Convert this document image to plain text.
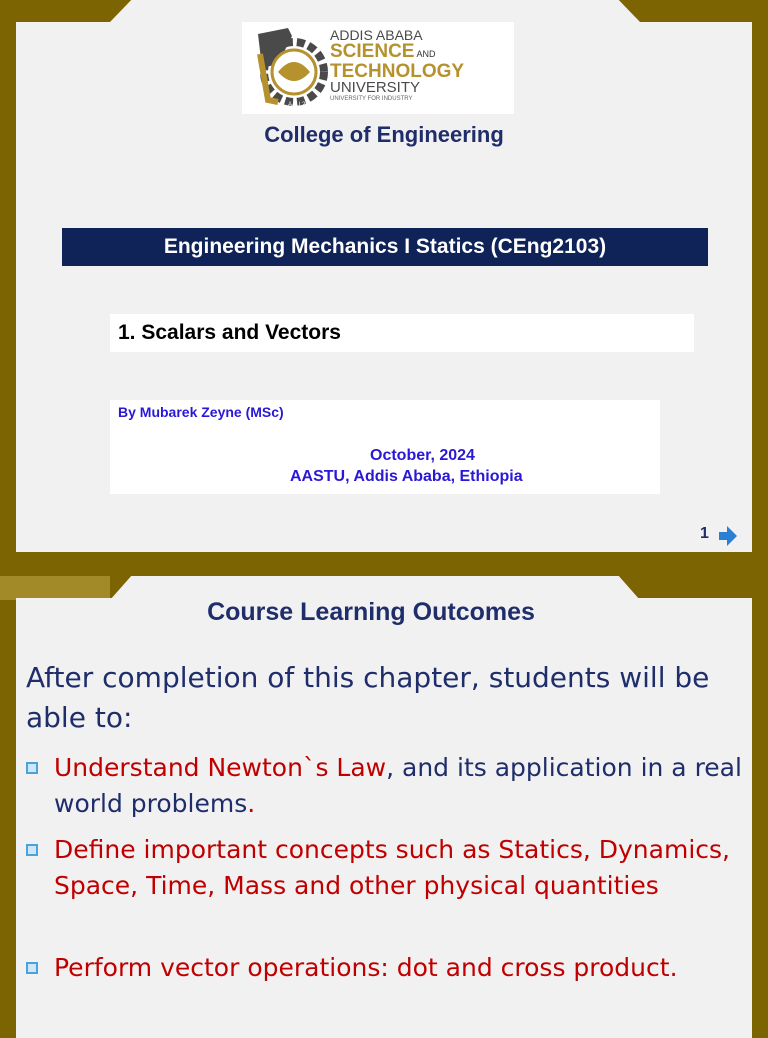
AAU 2011
ADDIS ABABA
SCIENCE AND
TECHNOLOGY
UNIVERSITY
UNIVERSITY FOR INDUSTRY
College of Engineering
Engineering Mechanics I Statics (CEng2103)
1. Scalars and Vectors
By Mubarek Zeyne (MSc)
October, 2024
AASTU, Addis Ababa, Ethiopia
1
Course Learning Outcomes
After completion of this chapter, students will be able to:
Understand Newton`s Law, and its application in a real world problems.
Define important concepts such as Statics, Dynamics, Space, Time, Mass and other physical quantities
Perform vector operations: dot and cross product.
